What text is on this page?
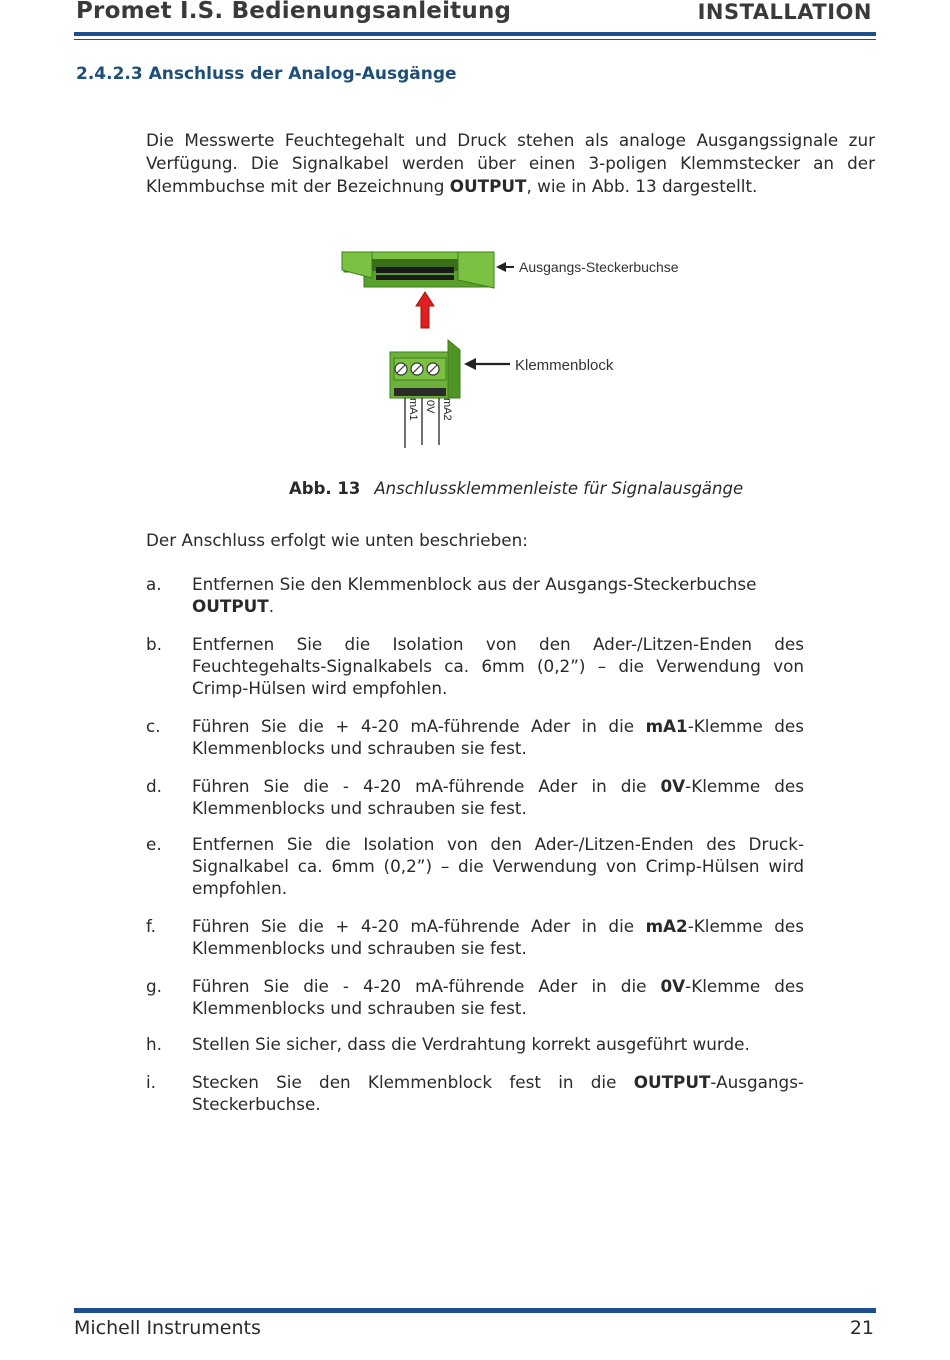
Promet I.S. Bedienungsanleitung	INSTALLATION
2.4.2.3 Anschluss der Analog-Ausgänge
Die Messwerte Feuchtegehalt und Druck stehen als analoge Ausgangssignale zur Verfügung. Die Signalkabel werden über einen 3-poligen Klemmstecker an der Klemmbuchse mit der Bezeichnung OUTPUT, wie in Abb. 13 dargestellt.
Ausgangs-Steckerbuchse
Klemmenblock
mA1 0V mA2
Abb. 13 Anschlussklemmenleiste für Signalausgänge
Der Anschluss erfolgt wie unten beschrieben:
a. Entfernen Sie den Klemmenblock aus der Ausgangs-Steckerbuchse
OUTPUT.
b. Entfernen Sie die Isolation von den Ader-/Litzen-Enden des Feuchtegehalts-Signalkabels ca. 6mm (0,2”) – die Verwendung von Crimp-Hülsen wird empfohlen.
c. Führen Sie die + 4-20 mA-führende Ader in die mA1-Klemme des Klemmenblocks und schrauben sie fest.
d. Führen Sie die - 4-20 mA-führende Ader in die 0V-Klemme des Klemmenblocks und schrauben sie fest.
e. Entfernen Sie die Isolation von den Ader-/Litzen-Enden des Druck-Signalkabel ca. 6mm (0,2”) – die Verwendung von Crimp-Hülsen wird empfohlen.
f. Führen Sie die + 4-20 mA-führende Ader in die mA2-Klemme des Klemmenblocks und schrauben sie fest.
g. Führen Sie die - 4-20 mA-führende Ader in die 0V-Klemme des Klemmenblocks und schrauben sie fest.
h. Stellen Sie sicher, dass die Verdrahtung korrekt ausgeführt wurde.
i. Stecken Sie den Klemmenblock fest in die OUTPUT-Ausgangs-Steckerbuchse.
Michell Instruments	21
